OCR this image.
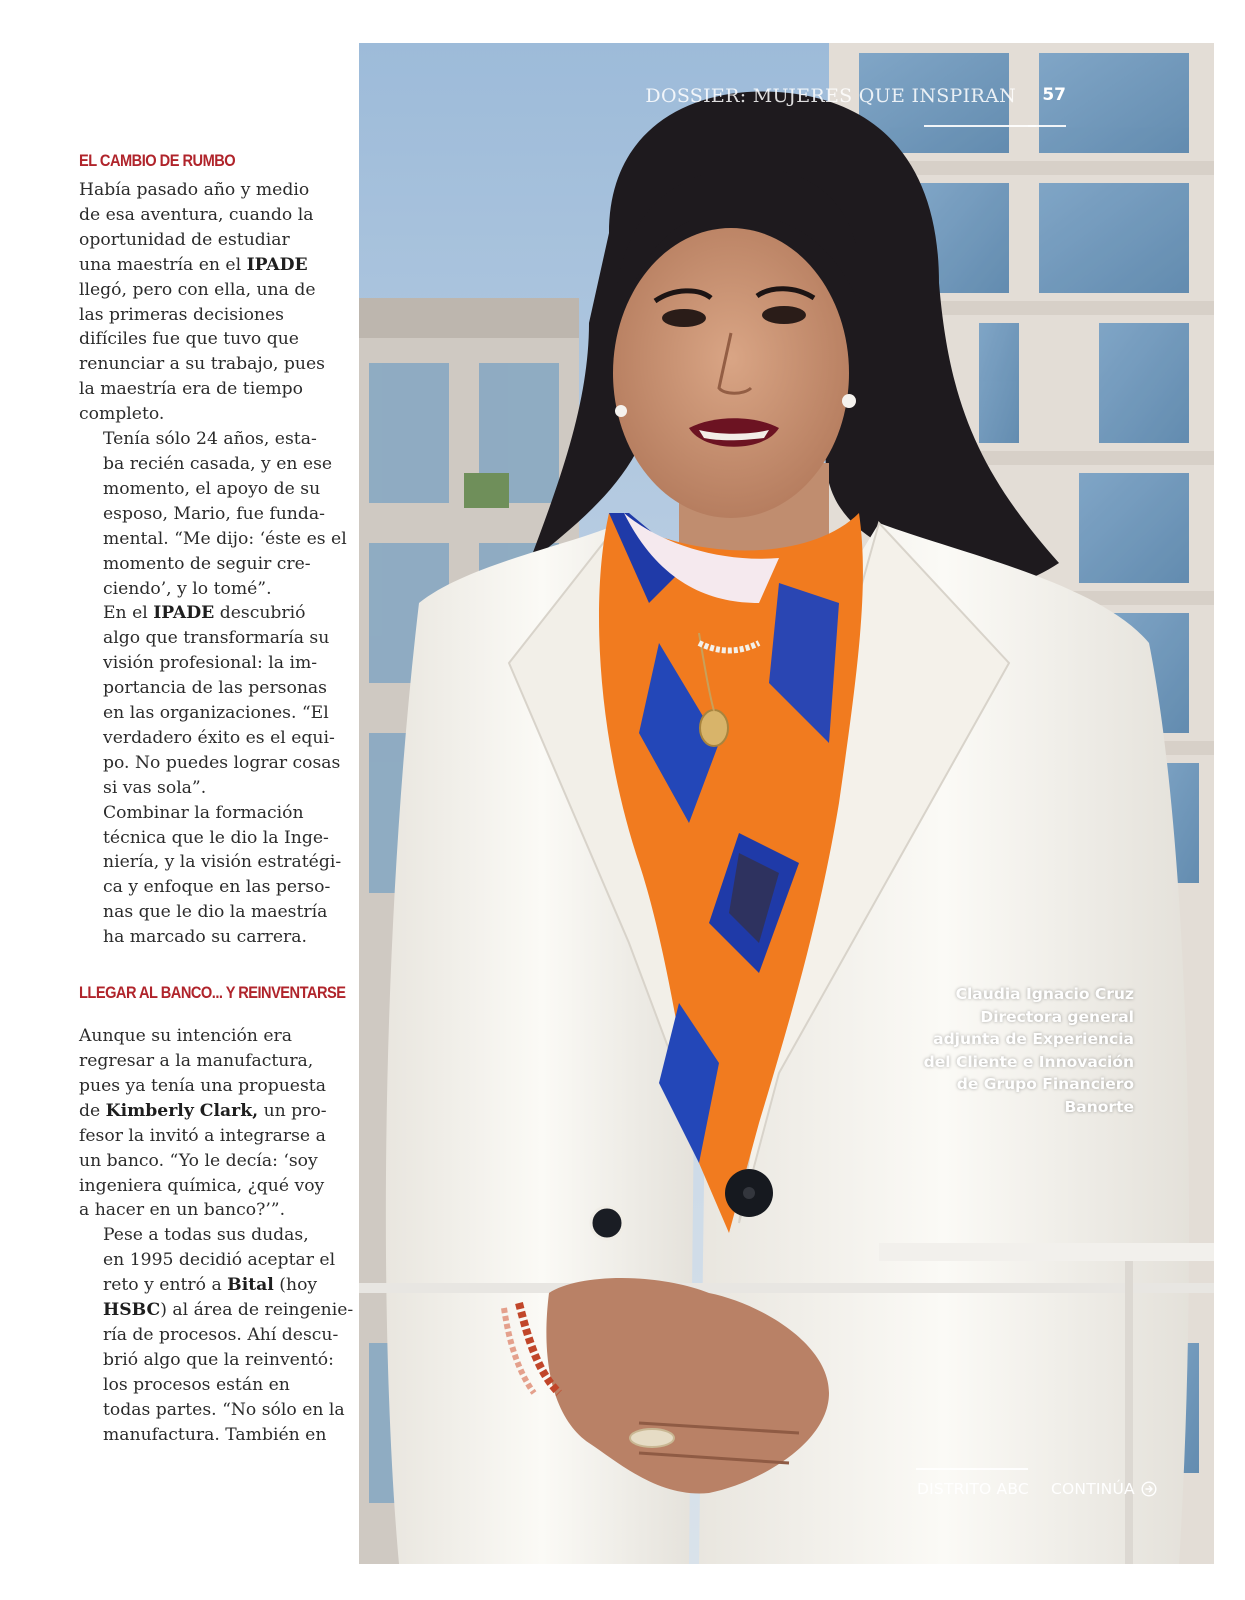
EL CAMBIO DE RUMBO

Había pasado año y medio
de esa aventura, cuando la
oportunidad de estudiar
una maestría en el IPADE
llegó, pero con ella, una de
las primeras decisiones
difíciles fue que tuvo que
renunciar a su trabajo, pues
la maestría era de tiempo
completo.

Tenía sólo 24 años, esta-
ba recién casada, y en ese
momento, el apoyo de su
esposo, Mario, fue funda-
mental. “Me dijo: ‘éste es el
momento de seguir cre-
ciendo’, y lo tomé”.

En el IPADE descubrió
algo que transformaría su
visión profesional: la im-
portancia de las personas
en las organizaciones. “El
verdadero éxito es el equi-
po. No puedes lograr cosas
si vas sola”.

Combinar la formación
técnica que le dio la Inge-
niería, y la visión estratégi-
ca y enfoque en las perso-
nas que le dio la maestría
ha marcado su carrera.

LLEGAR AL BANCO... Y REINVENTARSE

Aunque su intención era
regresar a la manufactura,
pues ya tenía una propuesta
de Kimberly Clark, un pro-
fesor la invitó a integrarse a
un banco. “Yo le decía: ‘soy
ingeniera química, ¿qué voy
a hacer en un banco?’”.

Pese a todas sus dudas,
en 1995 decidió aceptar el
reto y entró a Bital (hoy
HSBC) al área de reingenie-
ría de procesos. Ahí descu-
brió algo que la reinventó:
los procesos están en
todas partes. “No sólo en la
manufactura. También en

DOSSIER: MUJERES QUE INSPIRAN 57
Claudia Ignacio Cruz
Directora general
adjunta de Experiencia
del Cliente e Innovación
de Grupo Financiero
Banorte
DISTRITO ABC CONTINÚA
